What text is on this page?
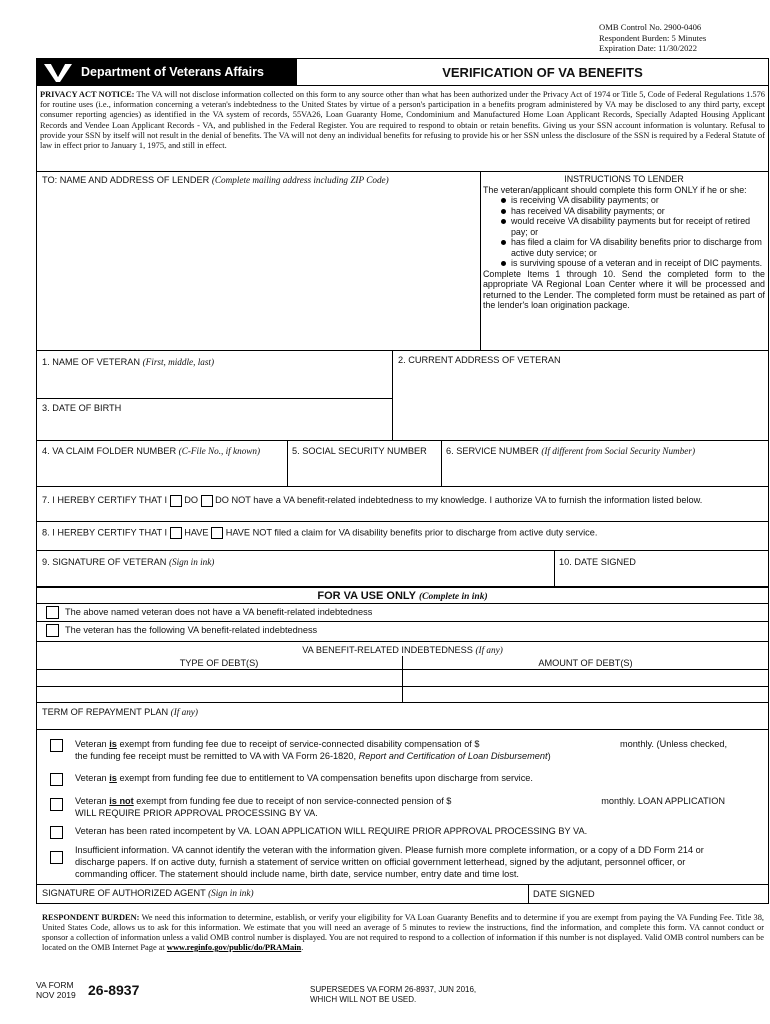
OMB Control No. 2900-0406
Respondent Burden: 5 Minutes
Expiration Date: 11/30/2022
Department of Veterans Affairs	VERIFICATION OF VA BENEFITS
PRIVACY ACT NOTICE: The VA will not disclose information collected on this form to any source other than what has been authorized under the Privacy Act of 1974 or Title 5, Code of Federal Regulations 1.576 for routine uses (i.e., information concerning a veteran's indebtedness to the United States by virtue of a person's participation in a benefits program administered by VA may be disclosed to any third party, except consumer reporting agencies) as identified in the VA system of records, 55VA26, Loan Guaranty Home, Condominium and Manufactured Home Loan Applicant Records, Specially Adapted Housing Applicant Records and Vendee Loan Applicant Records - VA, and published in the Federal Register. You are required to respond to obtain or retain benefits. Giving us your SSN account information is voluntary. Refusal to provide your SSN by itself will not result in the denial of benefits. The VA will not deny an individual benefits for refusing to provide his or her SSN unless the disclosure of the SSN is required by a Federal Statute of law in effect prior to January 1, 1975, and still in effect.
TO: NAME AND ADDRESS OF LENDER (Complete mailing address including ZIP Code)	INSTRUCTIONS TO LENDER
The veteran/applicant should complete this form ONLY if he or she:
is receiving VA disability payments; or
has received VA disability payments; or
would receive VA disability payments but for receipt of retired pay; or
has filed a claim for VA disability benefits prior to discharge from active duty service; or
is surviving spouse of a veteran and in receipt of DIC payments.
Complete Items 1 through 10. Send the completed form to the appropriate VA Regional Loan Center where it will be processed and returned to the Lender. The completed form must be retained as part of the lender's loan origination package.
1. NAME OF VETERAN (First, middle, last)	2. CURRENT ADDRESS OF VETERAN
3. DATE OF BIRTH
4. VA CLAIM FOLDER NUMBER (C-File No., if known)	5. SOCIAL SECURITY NUMBER 6. SERVICE NUMBER (If different from Social Security Number)
7. I HEREBY CERTIFY THAT I DO DO NOT have a VA benefit-related indebtedness to my knowledge. I authorize VA to furnish the information listed below.
8. I HEREBY CERTIFY THAT I HAVE HAVE NOT filed a claim for VA disability benefits prior to discharge from active duty service.
9. SIGNATURE OF VETERAN (Sign in ink)	10. DATE SIGNED
FOR VA USE ONLY (Complete in ink)
The above named veteran does not have a VA benefit-related indebtedness
The veteran has the following VA benefit-related indebtedness
VA BENEFIT-RELATED INDEBTEDNESS (If any)
TYPE OF DEBT(S)	AMOUNT OF DEBT(S)
TERM OF REPAYMENT PLAN (If any)
Veteran is exempt from funding fee due to receipt of service-connected disability compensation of $	monthly. (Unless checked,
the funding fee receipt must be remitted to VA with VA Form 26-1820, Report and Certification of Loan Disbursement)
Veteran is exempt from funding fee due to entitlement to VA compensation benefits upon discharge from service.
Veteran is not exempt from funding fee due to receipt of non service-connected pension of $	monthly. LOAN APPLICATION
WILL REQUIRE PRIOR APPROVAL PROCESSING BY VA.
Veteran has been rated incompetent by VA. LOAN APPLICATION WILL REQUIRE PRIOR APPROVAL PROCESSING BY VA.
Insufficient information. VA cannot identify the veteran with the information given. Please furnish more complete information, or a copy of a DD Form 214 or discharge papers. If on active duty, furnish a statement of service written on official government letterhead, signed by the adjutant, personnel officer, or commanding officer. The statement should include name, birth date, service number, entry date and time lost.
SIGNATURE OF AUTHORIZED AGENT (Sign in ink)	DATE SIGNED
RESPONDENT BURDEN: We need this information to determine, establish, or verify your eligibility for VA Loan Guaranty Benefits and to determine if you are exempt from paying the VA Funding Fee. Title 38, United States Code, allows us to ask for this information. We estimate that you will need an average of 5 minutes to review the instructions, find the information, and complete this form. VA cannot conduct or sponsor a collection of information unless a valid OMB control number is displayed. You are not required to respond to a collection of information if this number is not displayed. Valid OMB control numbers can be located on the OMB Internet Page at www.reginfo.gov/public/do/PRAMain.
VA FORM
NOV 2019 26-8937	SUPERSEDES VA FORM 26-8937, JUN 2016,
WHICH WILL NOT BE USED.
